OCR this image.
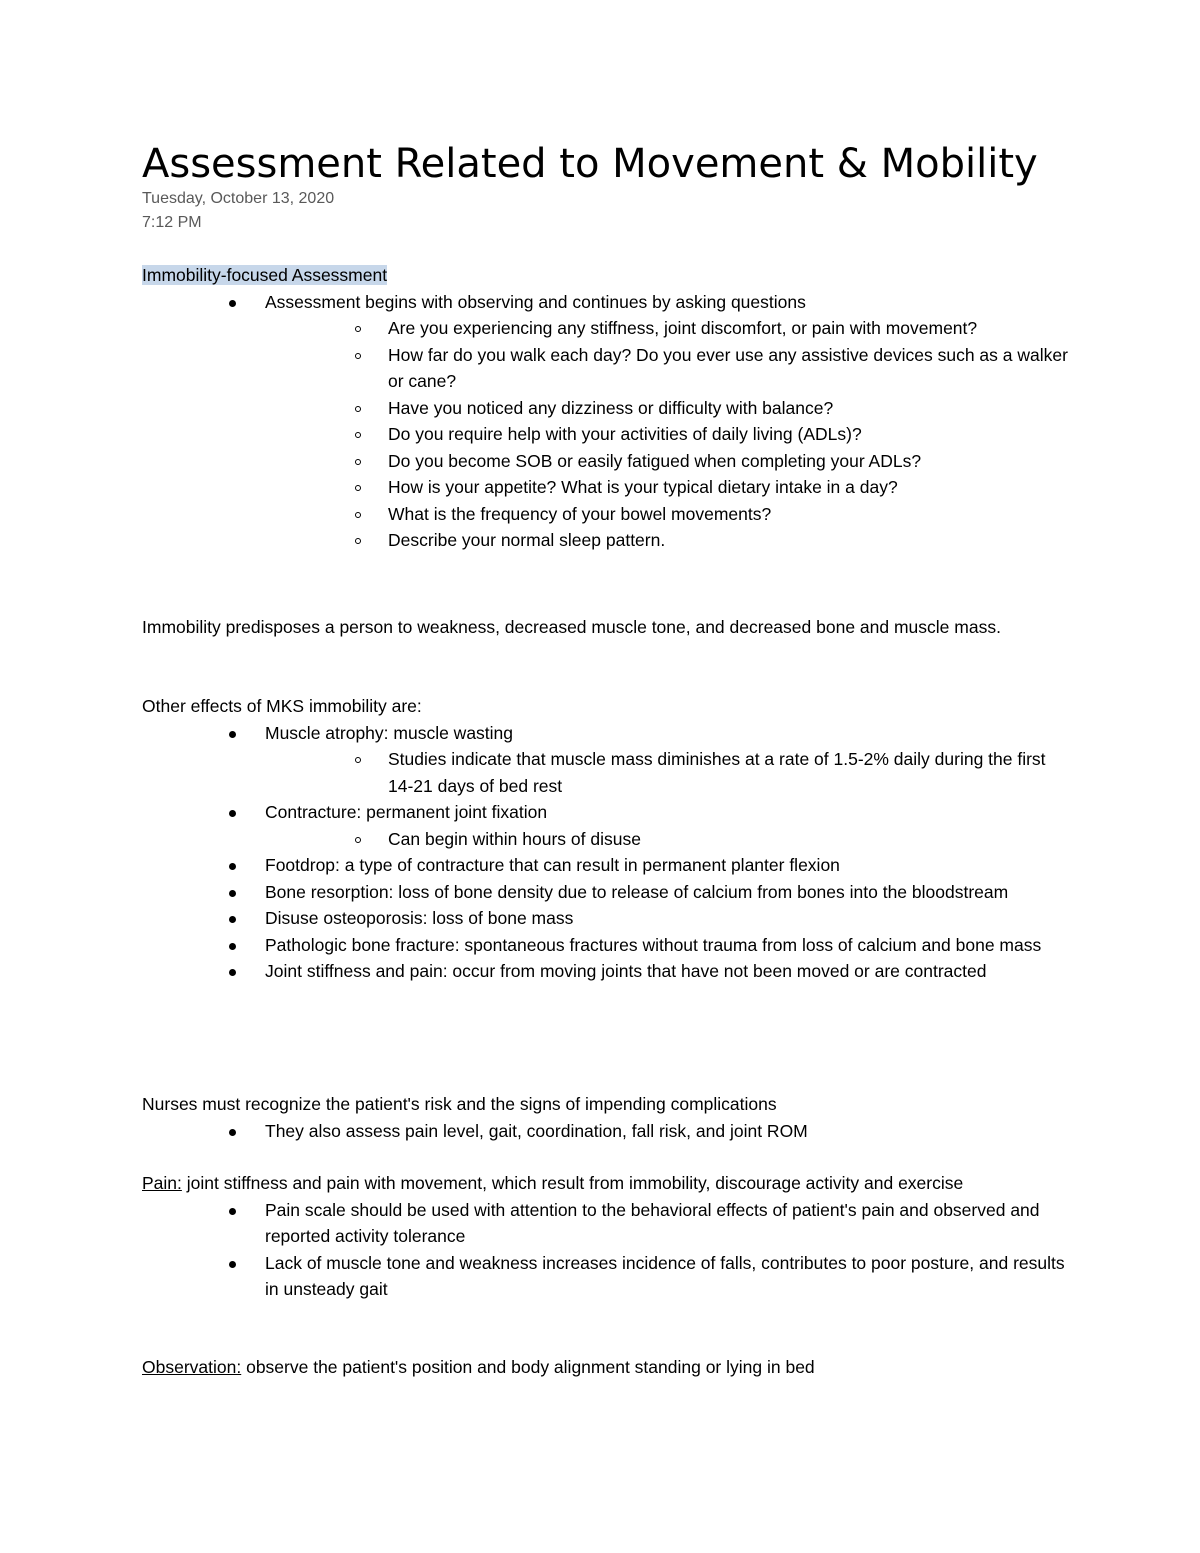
Assessment Related to Movement & Mobility
Tuesday, October 13, 2020
7:12 PM

Immobility-focused Assessment

Assessment begins with observing and continues by asking questions
Are you experiencing any stiffness, joint discomfort, or pain with movement?
How far do you walk each day? Do you ever use any assistive devices such as a walker or cane?
Have you noticed any dizziness or difficulty with balance?
Do you require help with your activities of daily living (ADLs)?
Do you become SOB or easily fatigued when completing your ADLs?
How is your appetite? What is your typical dietary intake in a day?
What is the frequency of your bowel movements?
Describe your normal sleep pattern.

Immobility predisposes a person to weakness, decreased muscle tone, and decreased bone and muscle mass.

Other effects of MKS immobility are:

Muscle atrophy: muscle wasting
Studies indicate that muscle mass diminishes at a rate of 1.5-2% daily during the first 14-21 days of bed rest
Contracture: permanent joint fixation
Can begin within hours of disuse
Footdrop: a type of contracture that can result in permanent planter flexion
Bone resorption: loss of bone density due to release of calcium from bones into the bloodstream
Disuse osteoporosis: loss of bone mass
Pathologic bone fracture: spontaneous fractures without trauma from loss of calcium and bone mass
Joint stiffness and pain: occur from moving joints that have not been moved or are contracted

Nurses must recognize the patient's risk and the signs of impending complications

They also assess pain level, gait, coordination, fall risk, and joint ROM

Pain: joint stiffness and pain with movement, which result from immobility, discourage activity and exercise

Pain scale should be used with attention to the behavioral effects of patient's pain and observed and reported activity tolerance
Lack of muscle tone and weakness increases incidence of falls, contributes to poor posture, and results in unsteady gait

Observation: observe the patient's position and body alignment standing or lying in bed
